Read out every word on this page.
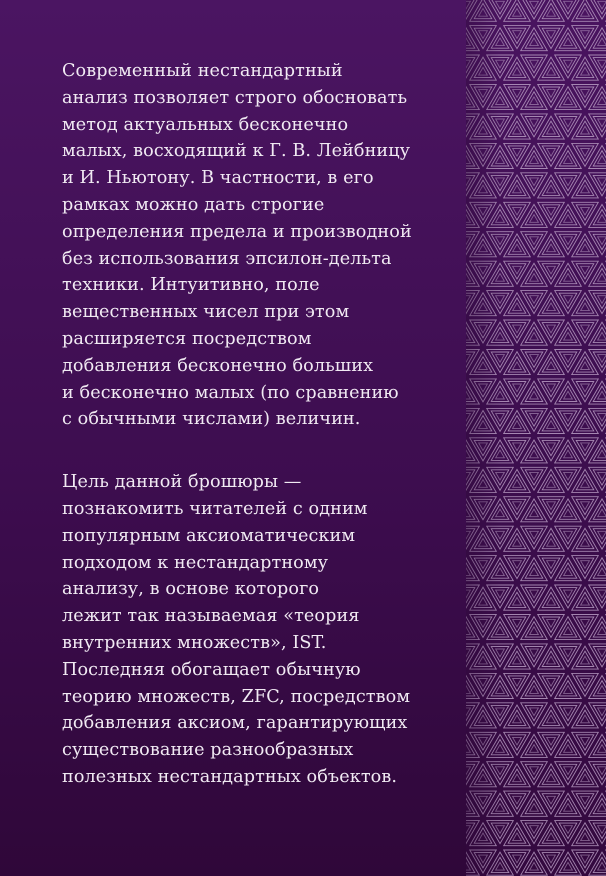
Современный нестандартный

анализ позволяет строго обосновать

метод актуальных бесконечно

малых, восходящий к Г. В. Лейбницу

и И. Ньютону. В частности, в его

рамках можно дать строгие

определения предела и производной

без использования эпсилон-дельта

техники. Интуитивно, поле

вещественных чисел при этом

расширяется посредством

добавления бесконечно больших

и бесконечно малых (по сравнению

с обычными числами) величин.

Цель данной брошюры —

познакомить читателей с одним

популярным аксиоматическим

подходом к нестандартному

анализу, в основе которого

лежит так называемая «теория

внутренних множеств», IST.

Последняя обогащает обычную

теорию множеств, ZFC, посредством

добавления аксиом, гарантирующих

существование разнообразных

полезных нестандартных объектов.
